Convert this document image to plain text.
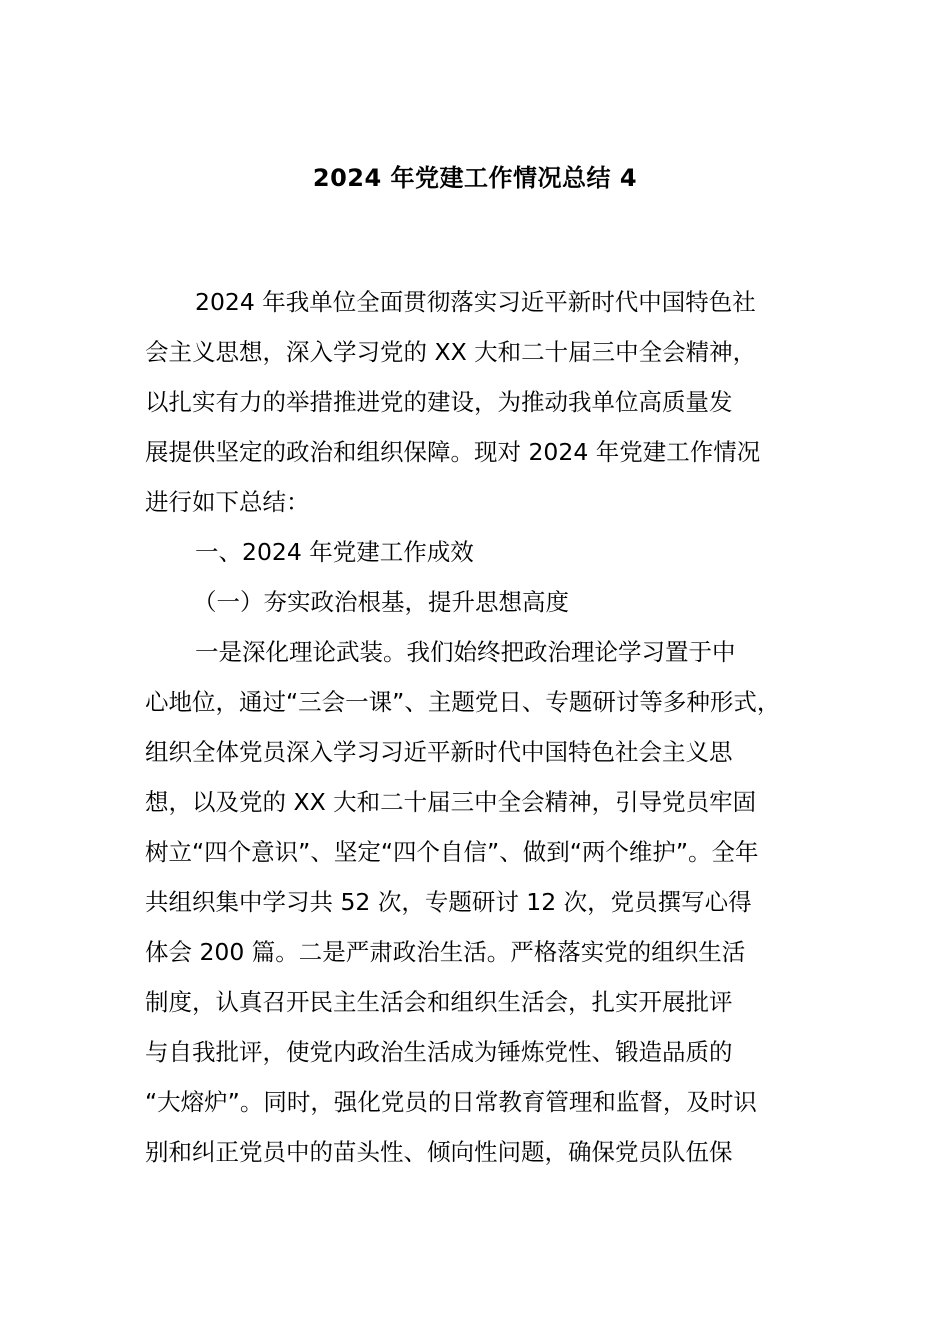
2024 年党建工作情况总结 4
2024 年我单位全面贯彻落实习近平新时代中国特色社
会主义思想，深入学习党的 XX 大和二十届三中全会精神，
以扎实有力的举措推进党的建设，为推动我单位高质量发
展提供坚定的政治和组织保障。现对 2024 年党建工作情况
进行如下总结：
一、2024 年党建工作成效
（一）夯实政治根基，提升思想高度
一是深化理论武装。我们始终把政治理论学习置于中
心地位，通过“三会一课”、主题党日、专题研讨等多种形式，
组织全体党员深入学习习近平新时代中国特色社会主义思
想，以及党的 XX 大和二十届三中全会精神，引导党员牢固
树立“四个意识”、坚定“四个自信”、做到“两个维护”。全年
共组织集中学习共 52 次，专题研讨 12 次，党员撰写心得
体会 200 篇。二是严肃政治生活。严格落实党的组织生活
制度，认真召开民主生活会和组织生活会，扎实开展批评
与自我批评，使党内政治生活成为锤炼党性、锻造品质的
“大熔炉”。同时，强化党员的日常教育管理和监督，及时识
别和纠正党员中的苗头性、倾向性问题，确保党员队伍保
